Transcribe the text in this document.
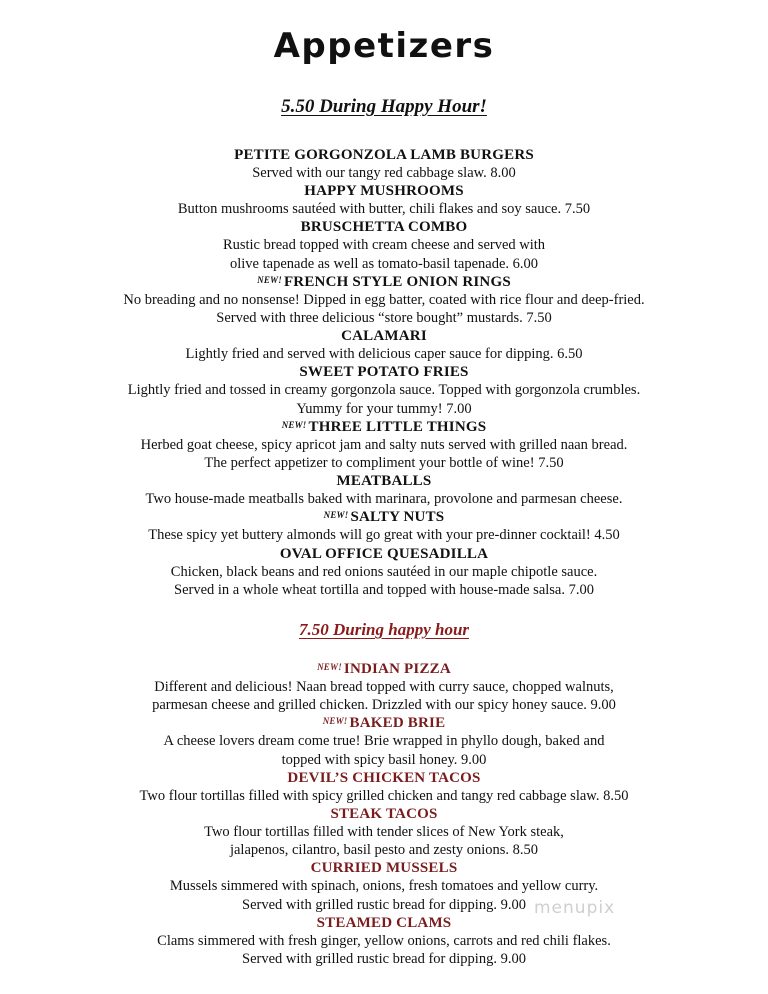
Appetizers
5.50 During Happy Hour!
PETITE GORGONZOLA LAMB BURGERS
Served with our tangy red cabbage slaw. 8.00
HAPPY MUSHROOMS
Button mushrooms sautéed with butter, chili flakes and soy sauce. 7.50
BRUSCHETTA COMBO
Rustic bread topped with cream cheese and served with
olive tapenade as well as tomato-basil tapenade. 6.00
$^{NEW!}$ FRENCH STYLE ONION RINGS
No breading and no nonsense! Dipped in egg batter, coated with rice flour and deep-fried.
Served with three delicious “store bought” mustards. 7.50
CALAMARI
Lightly fried and served with delicious caper sauce for dipping. 6.50
SWEET POTATO FRIES
Lightly fried and tossed in creamy gorgonzola sauce. Topped with gorgonzola crumbles.
Yummy for your tummy! 7.00
$^{NEW!}$ THREE LITTLE THINGS
Herbed goat cheese, spicy apricot jam and salty nuts served with grilled naan bread.
The perfect appetizer to compliment your bottle of wine! 7.50
MEATBALLS
Two house-made meatballs baked with marinara, provolone and parmesan cheese.
$^{NEW!}$ SALTY NUTS
These spicy yet buttery almonds will go great with your pre-dinner cocktail! 4.50
OVAL OFFICE QUESADILLA
Chicken, black beans and red onions sautéed in our maple chipotle sauce.
Served in a whole wheat tortilla and topped with house-made salsa. 7.00
7.50 During happy hour
$^{NEW!}$ INDIAN PIZZA
Different and delicious! Naan bread topped with curry sauce, chopped walnuts,
parmesan cheese and grilled chicken. Drizzled with our spicy honey sauce. 9.00
$^{NEW!}$ BAKED BRIE
A cheese lovers dream come true! Brie wrapped in phyllo dough, baked and
topped with spicy basil honey. 9.00
DEVIL’S CHICKEN TACOS
Two flour tortillas filled with spicy grilled chicken and tangy red cabbage slaw. 8.50
STEAK TACOS
Two flour tortillas filled with tender slices of New York steak,
jalapenos, cilantro, basil pesto and zesty onions. 8.50
CURRIED MUSSELS
Mussels simmered with spinach, onions, fresh tomatoes and yellow curry.
Served with grilled rustic bread for dipping. 9.00
STEAMED CLAMS
Clams simmered with fresh ginger, yellow onions, carrots and red chili flakes.
Served with grilled rustic bread for dipping. 9.00
menupix
